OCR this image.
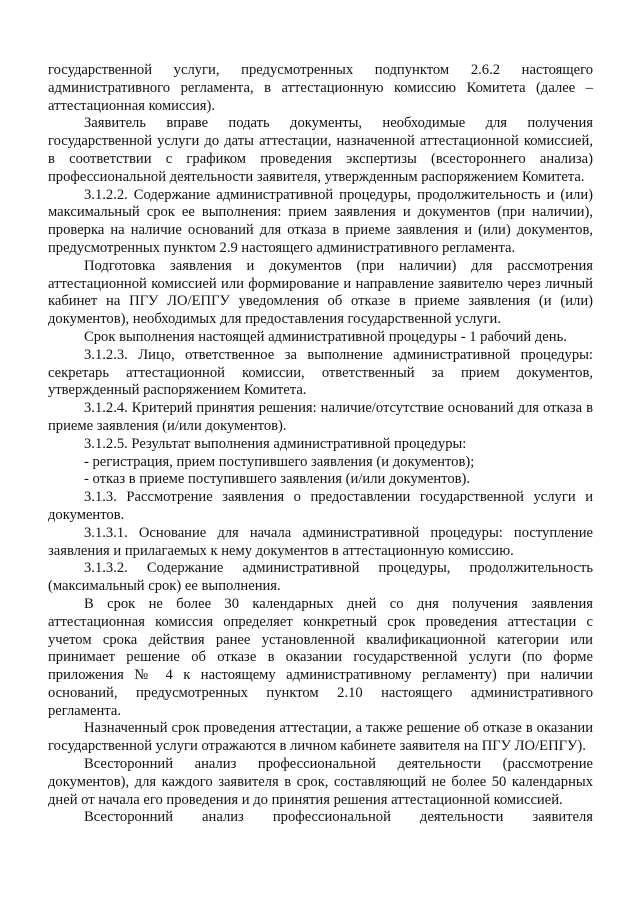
государственной услуги, предусмотренных подпунктом 2.6.2 настоящего административного регламента, в аттестационную комиссию Комитета (далее – аттестационная комиссия).

Заявитель вправе подать документы, необходимые для получения государственной услуги до даты аттестации, назначенной аттестационной комиссией, в соответствии с графиком проведения экспертизы (всестороннего анализа) профессиональной деятельности заявителя, утвержденным распоряжением Комитета.

3.1.2.2. Содержание административной процедуры, продолжительность и (или) максимальный срок ее выполнения: прием заявления и документов (при наличии), проверка на наличие оснований для отказа в приеме заявления и (или) документов, предусмотренных пунктом 2.9 настоящего административного регламента.

Подготовка заявления и документов (при наличии) для рассмотрения аттестационной комиссией или формирование и направление заявителю через личный кабинет на ПГУ ЛО/ЕПГУ уведомления об отказе в приеме заявления (и (или) документов), необходимых для предоставления государственной услуги.

Срок выполнения настоящей административной процедуры - 1 рабочий день.

3.1.2.3. Лицо, ответственное за выполнение административной процедуры: секретарь аттестационной комиссии, ответственный за прием документов, утвержденный распоряжением Комитета.

3.1.2.4. Критерий принятия решения: наличие/отсутствие оснований для отказа в приеме заявления (и/или документов).

3.1.2.5. Результат выполнения административной процедуры:

- регистрация, прием поступившего заявления (и документов);

- отказ в приеме поступившего заявления (и/или документов).

3.1.3. Рассмотрение заявления о предоставлении государственной услуги и документов.

3.1.3.1. Основание для начала административной процедуры: поступление заявления и прилагаемых к нему документов в аттестационную комиссию.

3.1.3.2. Содержание административной процедуры, продолжительность (максимальный срок) ее выполнения.

В срок не более 30 календарных дней со дня получения заявления аттестационная комиссия определяет конкретный срок проведения аттестации с учетом срока действия ранее установленной квалификационной категории или принимает решение об отказе в оказании государственной услуги (по форме приложения № 4 к настоящему административному регламенту) при наличии оснований, предусмотренных пунктом 2.10 настоящего административного регламента.

Назначенный срок проведения аттестации, а также решение об отказе в оказании государственной услуги отражаются в личном кабинете заявителя на ПГУ ЛО/ЕПГУ).

Всесторонний анализ профессиональной деятельности (рассмотрение документов), для каждого заявителя в срок, составляющий не более 50 календарных дней от начала его проведения и до принятия решения аттестационной комиссией.

Всесторонний анализ профессиональной деятельности заявителя
